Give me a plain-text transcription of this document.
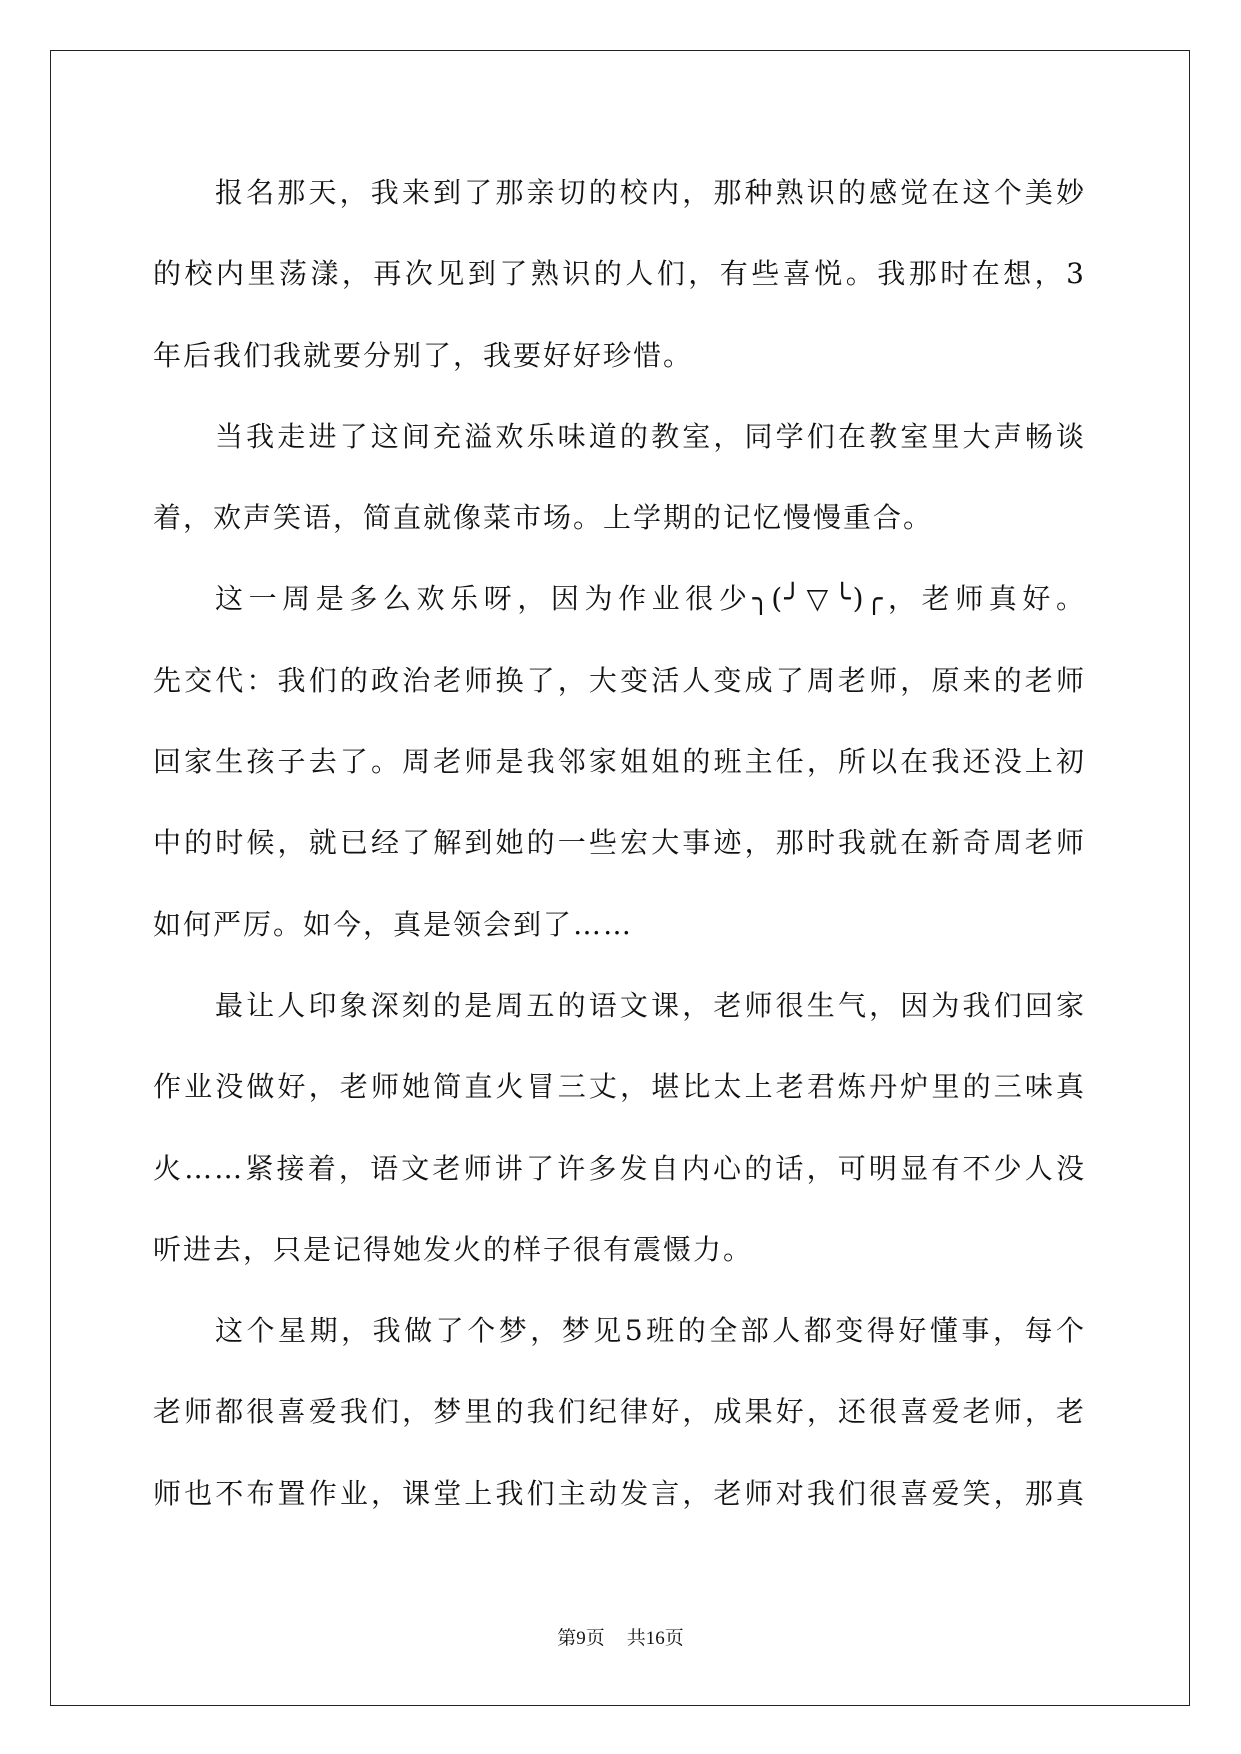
报名那天，我来到了那亲切的校内，那种熟识的感觉在这个美妙
的校内里荡漾，再次见到了熟识的人们，有些喜悦。我那时在想，3
年后我们我就要分别了，我要好好珍惜。
当我走进了这间充溢欢乐味道的教室，同学们在教室里大声畅谈
着，欢声笑语，简直就像菜市场。上学期的记忆慢慢重合。
这一周是多么欢乐呀，因为作业很少╮(╯▽╰)╭，老师真好。
先交代：我们的政治老师换了，大变活人变成了周老师，原来的老师
回家生孩子去了。周老师是我邻家姐姐的班主任，所以在我还没上初
中的时候，就已经了解到她的一些宏大事迹，那时我就在新奇周老师
如何严厉。如今，真是领会到了……
最让人印象深刻的是周五的语文课，老师很生气，因为我们回家
作业没做好，老师她简直火冒三丈，堪比太上老君炼丹炉里的三味真
火……紧接着，语文老师讲了许多发自内心的话，可明显有不少人没
听进去，只是记得她发火的样子很有震慑力。
这个星期，我做了个梦，梦见5班的全部人都变得好懂事，每个
老师都很喜爱我们，梦里的我们纪律好，成果好，还很喜爱老师，老
师也不布置作业，课堂上我们主动发言，老师对我们很喜爱笑，那真
第9页 共16页
